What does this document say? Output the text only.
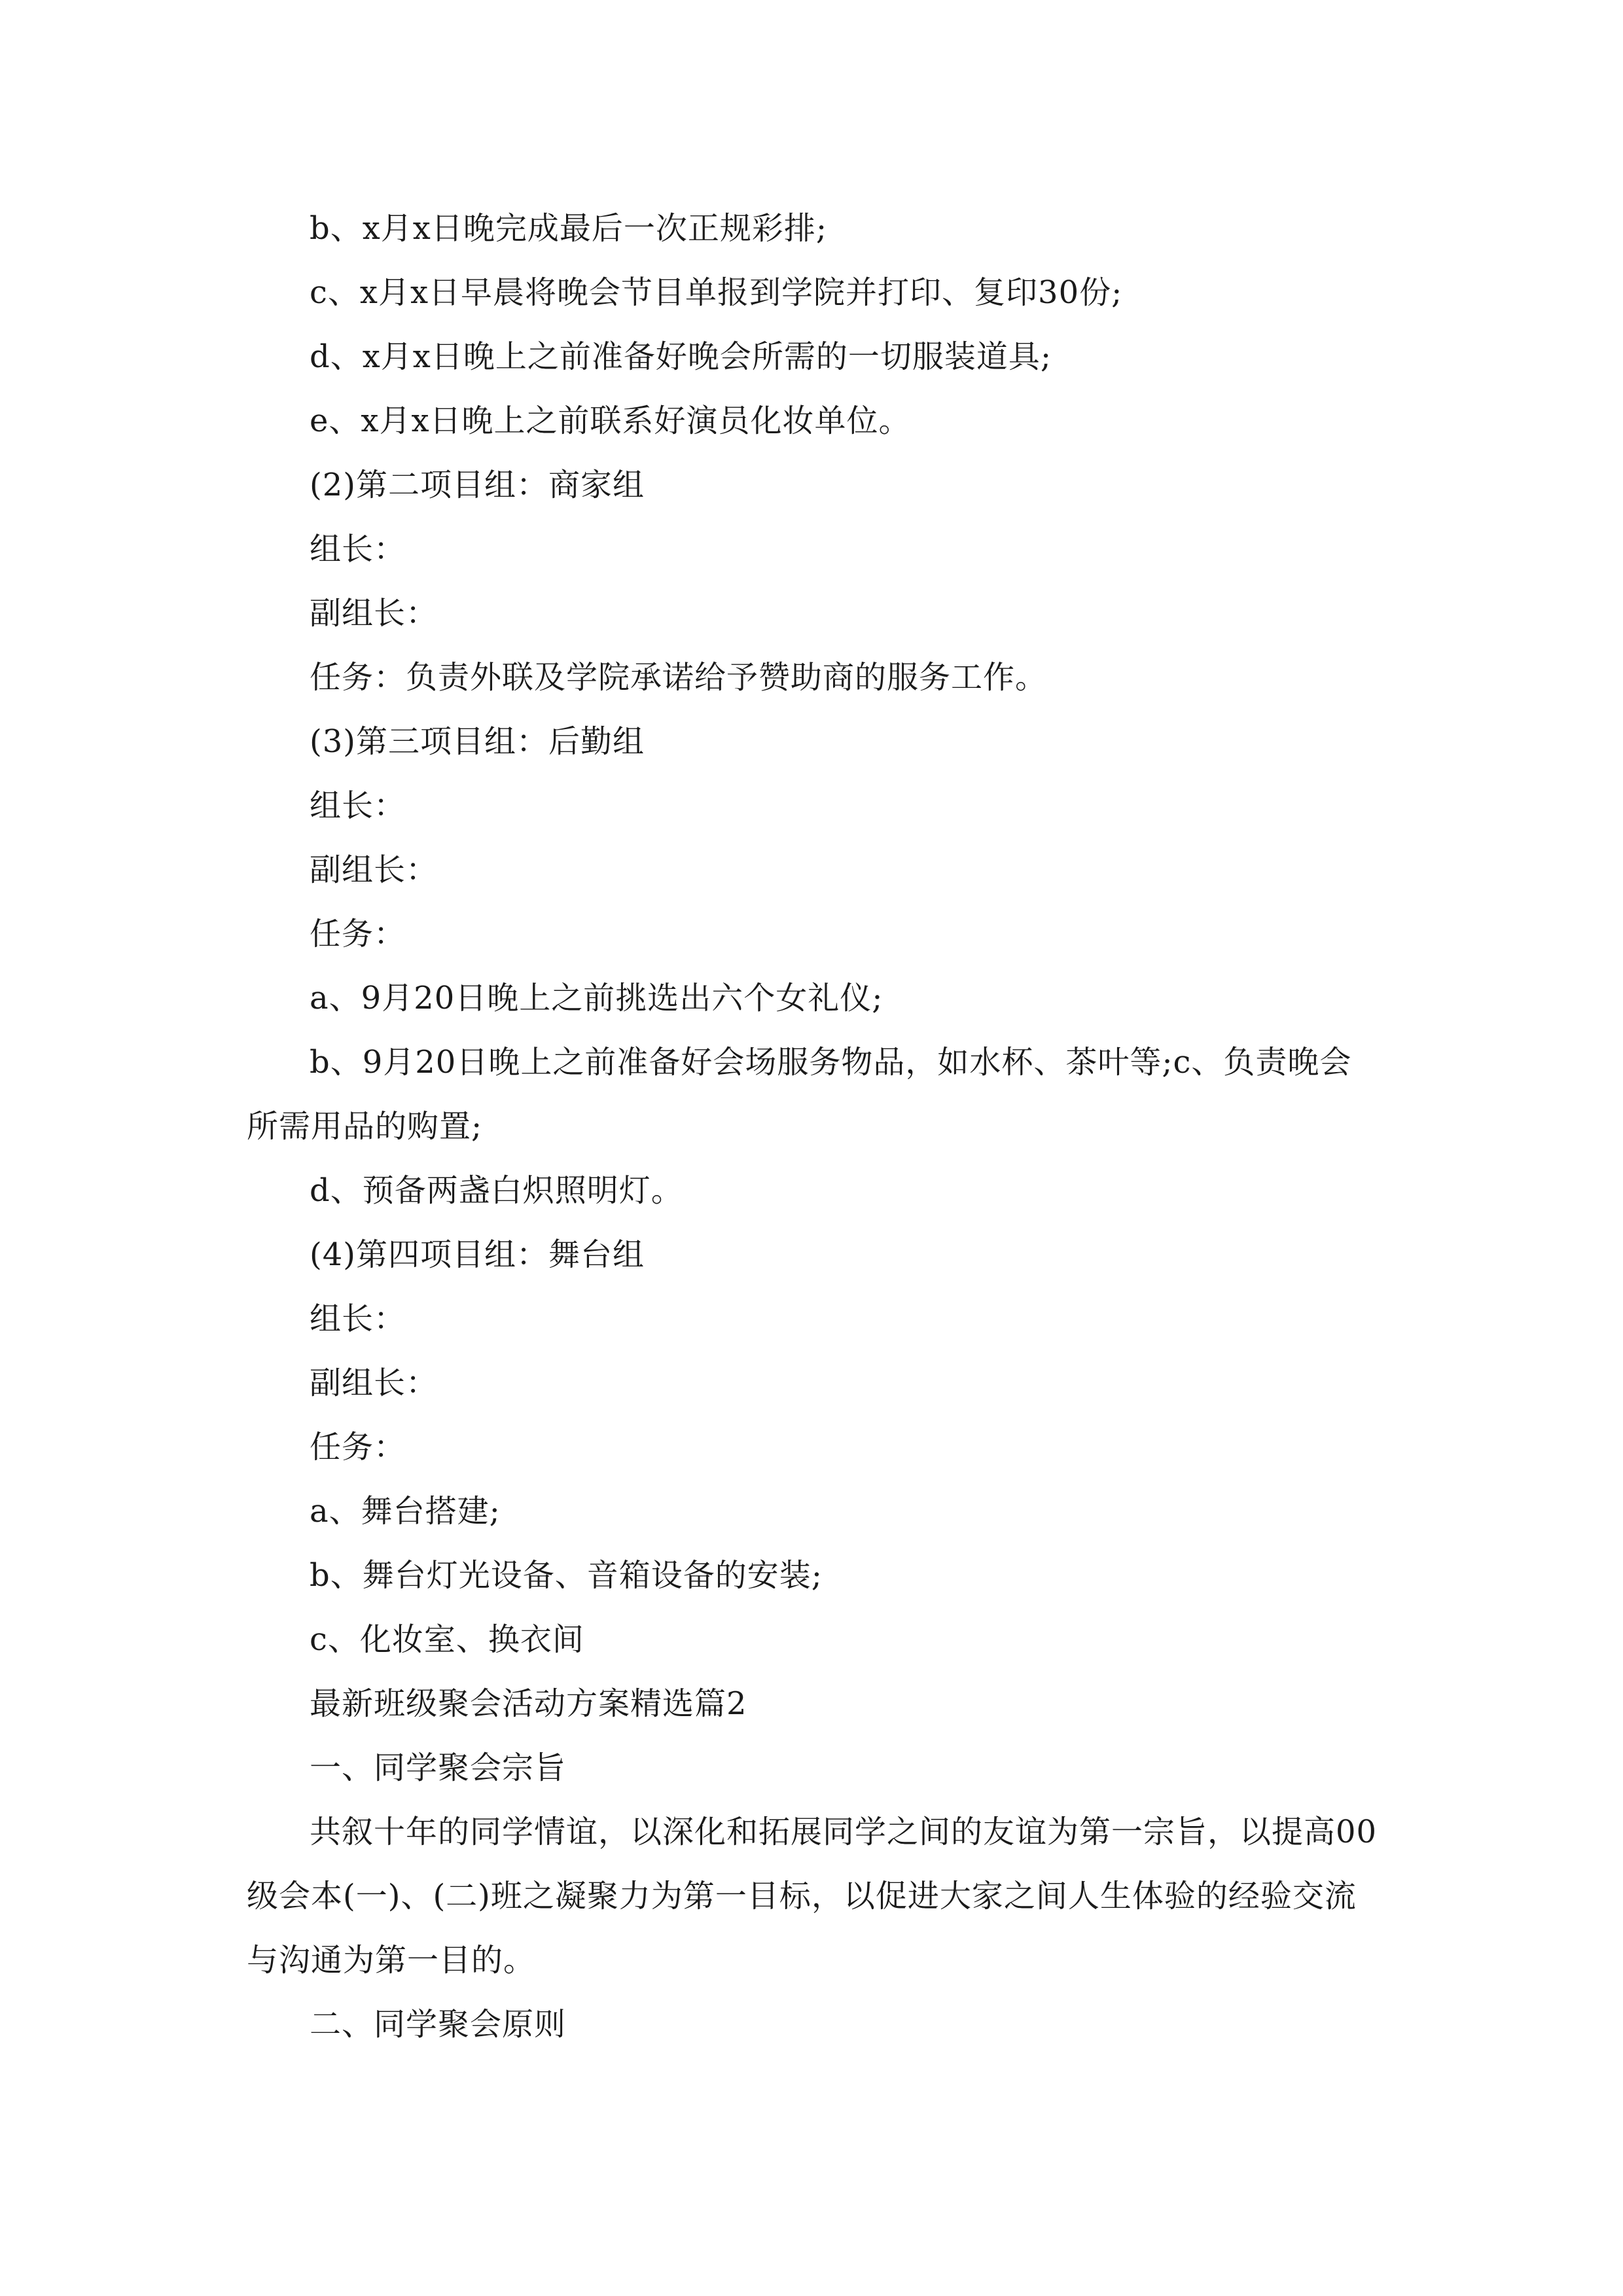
b、x月x日晚完成最后一次正规彩排;

c、x月x日早晨将晚会节目单报到学院并打印、复印30份;

d、x月x日晚上之前准备好晚会所需的一切服装道具;

e、x月x日晚上之前联系好演员化妆单位。

(2)第二项目组：商家组

组长：

副组长：

任务：负责外联及学院承诺给予赞助商的服务工作。

(3)第三项目组：后勤组

组长：

副组长：

任务：

a、9月20日晚上之前挑选出六个女礼仪;

b、9月20日晚上之前准备好会场服务物品，如水杯、茶叶等;c、负责晚会所需用品的购置;

d、预备两盏白炽照明灯。

(4)第四项目组：舞台组

组长：

副组长：

任务：

a、舞台搭建;

b、舞台灯光设备、音箱设备的安装;

c、化妆室、换衣间

最新班级聚会活动方案精选篇2

一、同学聚会宗旨

共叙十年的同学情谊，以深化和拓展同学之间的友谊为第一宗旨，以提高00级会本(一)、(二)班之凝聚力为第一目标，以促进大家之间人生体验的经验交流与沟通为第一目的。

二、同学聚会原则
